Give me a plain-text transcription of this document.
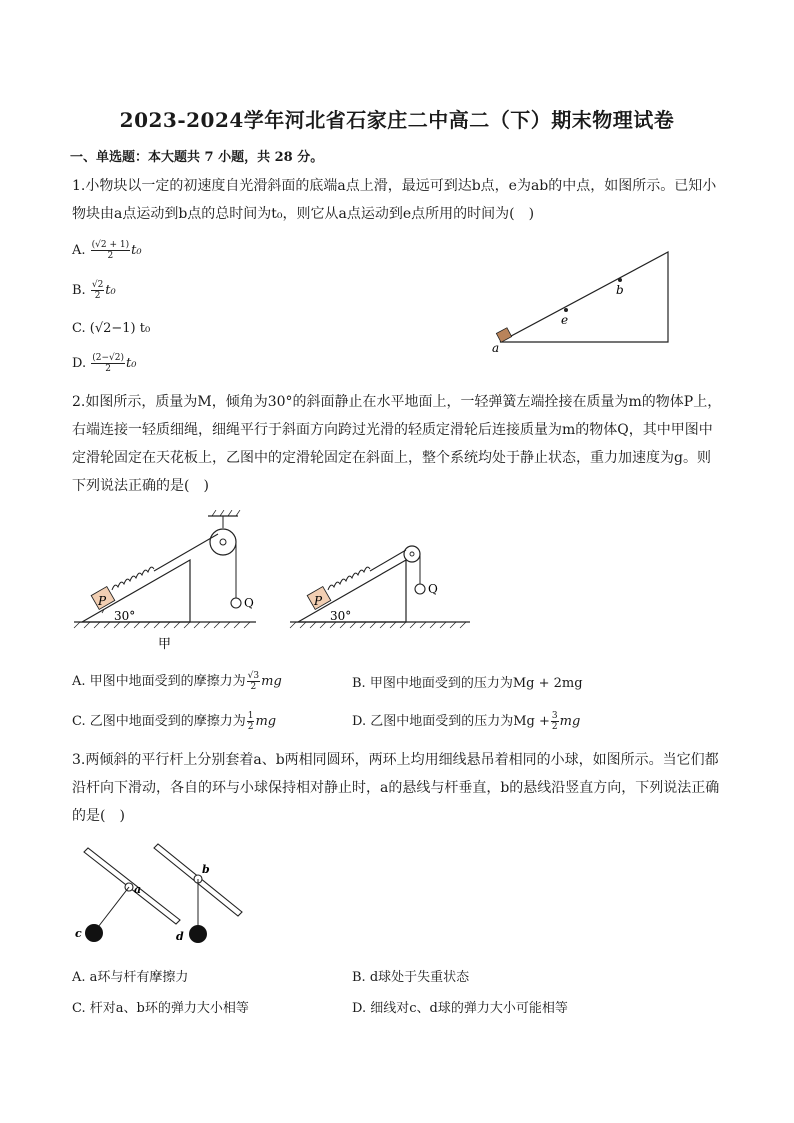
2023-2024学年河北省石家庄二中高二（下）期末物理试卷
一、单选题：本大题共 7 小题，共 28 分。
1.小物块以一定的初速度自光滑斜面的底端a点上滑，最远可到达b点，e为ab的中点，如图所示。已知小
物块由a点运动到b点的总时间为t₀，则它从a点运动到e点所用的时间为(　)
A. $\frac{(√2 + 1)}{2} t_0$
B. $\frac{√2}{2} t_0$
C. (√2−1) t₀
D. $\frac{(2-√2)}{2} t_0$
a
e
b
2.如图所示，质量为M，倾角为30°的斜面静止在水平地面上，一轻弹簧左端拴接在质量为m的物体P上，
右端连接一轻质细绳，细绳平行于斜面方向跨过光滑的轻质定滑轮后连接质量为m的物体Q，其中甲图中
定滑轮固定在天花板上，乙图中的定滑轮固定在斜面上，整个系统均处于静止状态，重力加速度为g。则
下列说法正确的是(　)
P
30°
Q
甲
P
30°
Q
A. 甲图中地面受到的摩擦力为 $\frac{√3}{2}$ mg	B. 甲图中地面受到的压力为Mg + 2mg
C. 乙图中地面受到的摩擦力为 $\frac{1}{2}$ mg	D. 乙图中地面受到的压力为$Mg + \frac{3}{2}$ mg
3.两倾斜的平行杆上分别套着a、b两相同圆环，两环上均用细线悬吊着相同的小球，如图所示。当它们都
沿杆向下滑动，各自的环与小球保持相对静止时，a的悬线与杆垂直，b的悬线沿竖直方向，下列说法正确
的是(　)
a
b
c	d
A. a环与杆有摩擦力	B. d球处于失重状态
C. 杆对a、b环的弹力大小相等	D. 细线对c、d球的弹力大小可能相等
